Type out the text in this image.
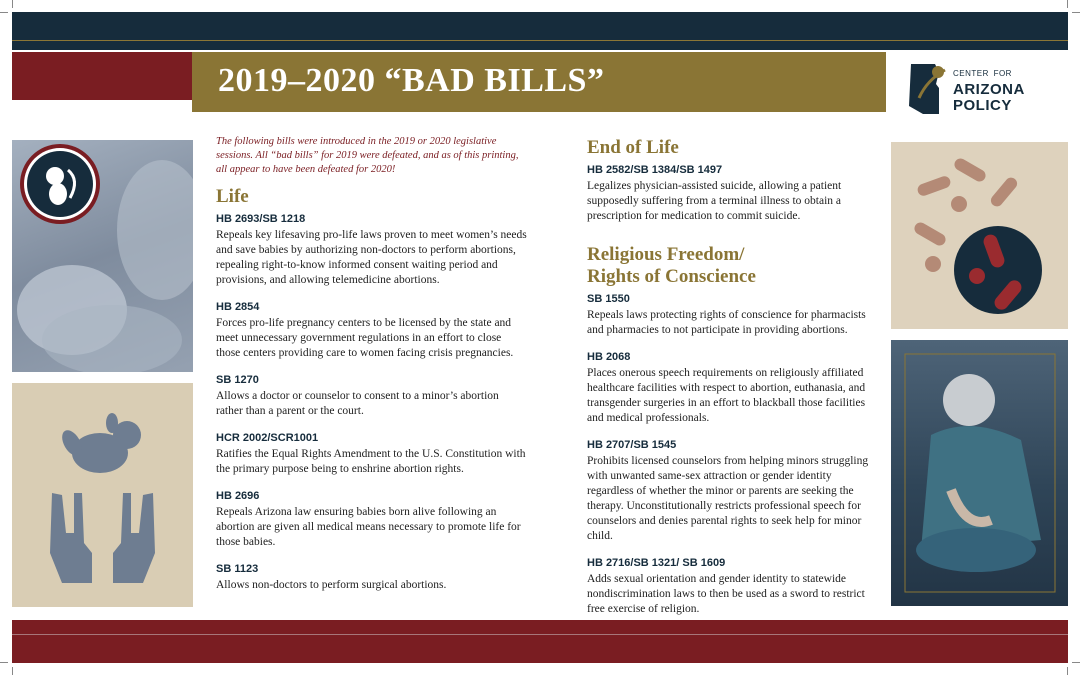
2019–2020 “BAD BILLS”	CENTER FOR
ARIZONA
POLICY
The following bills were introduced in the 2019 or 2020 legislative sessions. All “bad bills” for 2019 were defeated, and as of this printing, all appear to have been defeated for 2020!

Life

HB 2693/SB 1218

Repeals key lifesaving pro-life laws proven to meet women’s needs and save babies by authorizing non-doctors to perform abortions, repealing right-to-know informed consent waiting period and provisions, and allowing telemedicine abortions.

HB 2854

Forces pro-life pregnancy centers to be licensed by the state and meet unnecessary government regulations in an effort to close those centers providing care to women facing crisis pregnancies.

SB 1270

Allows a doctor or counselor to consent to a minor’s abortion rather than a parent or the court.

HCR 2002/SCR1001

Ratifies the Equal Rights Amendment to the U.S. Constitution with the primary purpose being to enshrine abortion rights.

HB 2696

Repeals Arizona law ensuring babies born alive following an abortion are given all medical means necessary to promote life for those babies.

SB 1123

Allows non-doctors to perform surgical abortions.

End of Life

HB 2582/SB 1384/SB 1497

Legalizes physician-assisted suicide, allowing a patient supposedly suffering from a terminal illness to obtain a prescription for medication to commit suicide.

Religious Freedom/

Rights of Conscience

SB 1550

Repeals laws protecting rights of conscience for pharmacists and pharmacies to not participate in providing abortions.

HB 2068

Places onerous speech requirements on religiously affiliated healthcare facilities with respect to abortion, euthanasia, and transgender surgeries in an effort to blackball those facilities and medical professionals.

HB 2707/SB 1545

Prohibits licensed counselors from helping minors struggling with unwanted same-sex attraction or gender identity regardless of whether the minor or parents are seeking the therapy. Unconstitutionally restricts professional speech for counselors and denies parental rights to seek help for minor child.

HB 2716/SB 1321/ SB 1609

Adds sexual orientation and gender identity to statewide nondiscrimination laws to then be used as a sword to restrict free exercise of religion.
